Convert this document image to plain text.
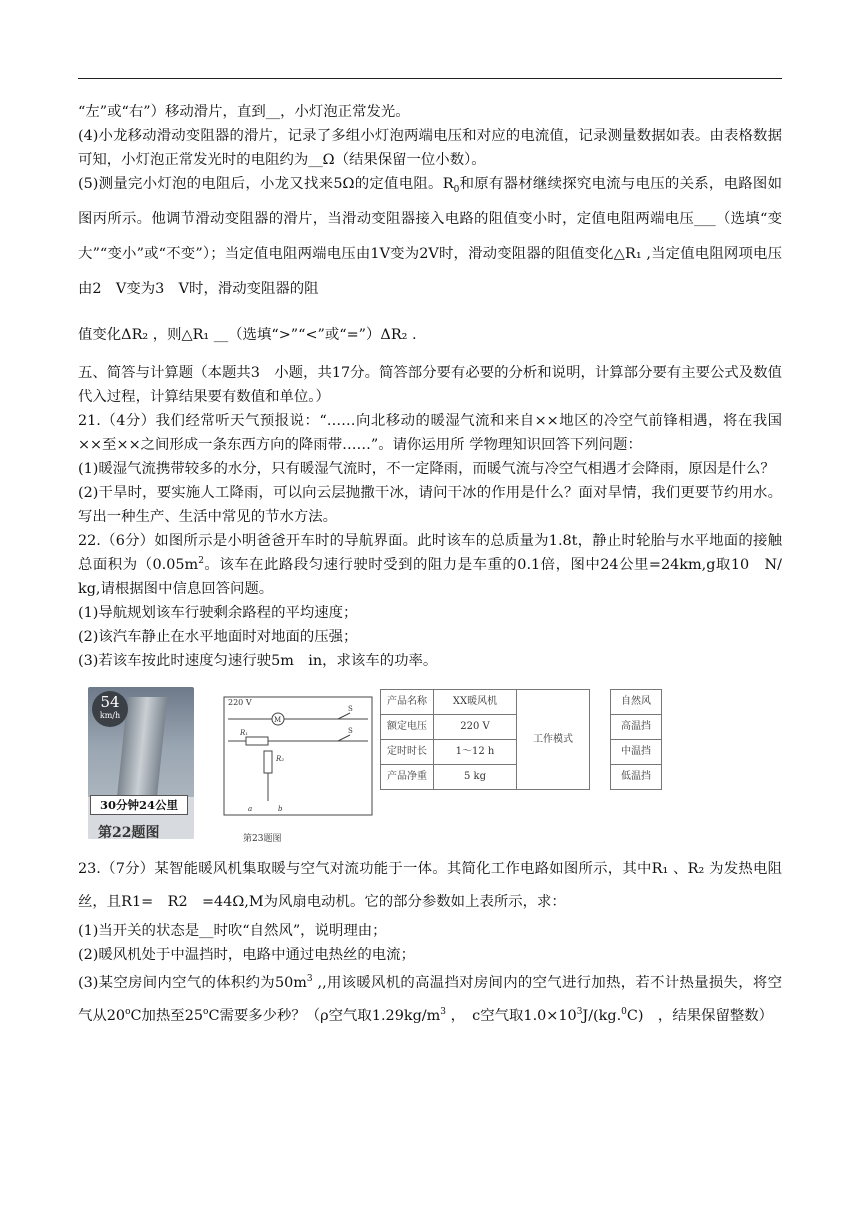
“左”或“右”）移动滑片，直到__，小灯泡正常发光。

(4)小龙移动滑动变阻器的滑片，记录了多组小灯泡两端电压和对应的电流值，记录测量数据如表。由表格数据可知，小灯泡正常发光时的电阻约为__Ω（结果保留一位小数）。

(5)测量完小灯泡的电阻后，小龙又找来5Ω的定值电阻。$R_0$和原有器材继续探究电流与电压的关系，电路图如图丙所示。他调节滑动变阻器的滑片，当滑动变阻器接入电路的阻值变小时，定值电阻两端电压___（选填“变大”“变小”或“不变”）；当定值电阻两端电压由1V变为2V时，滑动变阻器的阻值变化△R₁ ,当定值电阻网项电压由2　V变为3　V时，滑动变阻器的阻

值变化ΔR₂ ，则△R₁ __（选填“>”“<”或“=”）ΔR₂ .

五、简答与计算题（本题共3　小题，共17分。简答部分要有必要的分析和说明，计算部分要有主要公式及数值代入过程，计算结果要有数值和单位。）

21.（4分）我们经常听天气预报说：“……向北移动的暖湿气流和来自××地区的冷空气前锋相遇，将在我国××至××之间形成一条东西方向的降雨带……”。请你运用所 学物理知识回答下列问题：

(1)暖湿气流携带较多的水分，只有暖湿气流时，不一定降雨，而暖气流与冷空气相遇才会降雨，原因是什么？

(2)干旱时，要实施人工降雨，可以向云层抛撒干冰，请问干冰的作用是什么？面对旱情，我们更要节约用水。写出一种生产、生活中常见的节水方法。

22.（6分）如图所示是小明爸爸开车时的导航界面。此时该车的总质量为1.8t，静止时轮胎与水平地面的接触总面积为（$0.05m^2$。该车在此路段匀速行驶时受到的阻力是车重的0.1倍，图中24公里=24km,g取10　N/　kg,请根据图中信息回答问题。

(1)导航规划该车行驶剩余路程的平均速度；

(2)该汽车静止在水平地面时对地面的压强；

(3)若该车按此时速度匀速行驶5m　in，求该车的功率。

54
km/h
30分钟24公里
第22题图
220 V
M
S
R₁
R₂
S
a	b
第23题图
产品名称	XX暖风机	工作模式		自然风
额定电压	220 V			高温挡
定时时长	1～12 h			中温挡
产品净重	5 kg			低温挡

23.（7分）某智能暖风机集取暖与空气对流功能于一体。其简化工作电路如图所示，其中R₁ 、R₂ 为发热电阻丝，且R1=　R2　=44Ω,M为风扇电动机。它的部分参数如上表所示，求：

(1)当开关的状态是__时吹“自然风”，说明理由；

(2)暖风机处于中温挡时，电路中通过电热丝的电流；

(3)某空房间内空气的体积约为$50m^3$ ,,用该暖风机的高温挡对房间内的空气进行加热，若不计热量损失，将空气从20$^o$C加热至25$^o$C需要多少秒？（ρ空气取$1.29kg/m^3$ ，　c空气取$1.0\times 10^3J/(kg.^0C)$　，结果保留整数）
